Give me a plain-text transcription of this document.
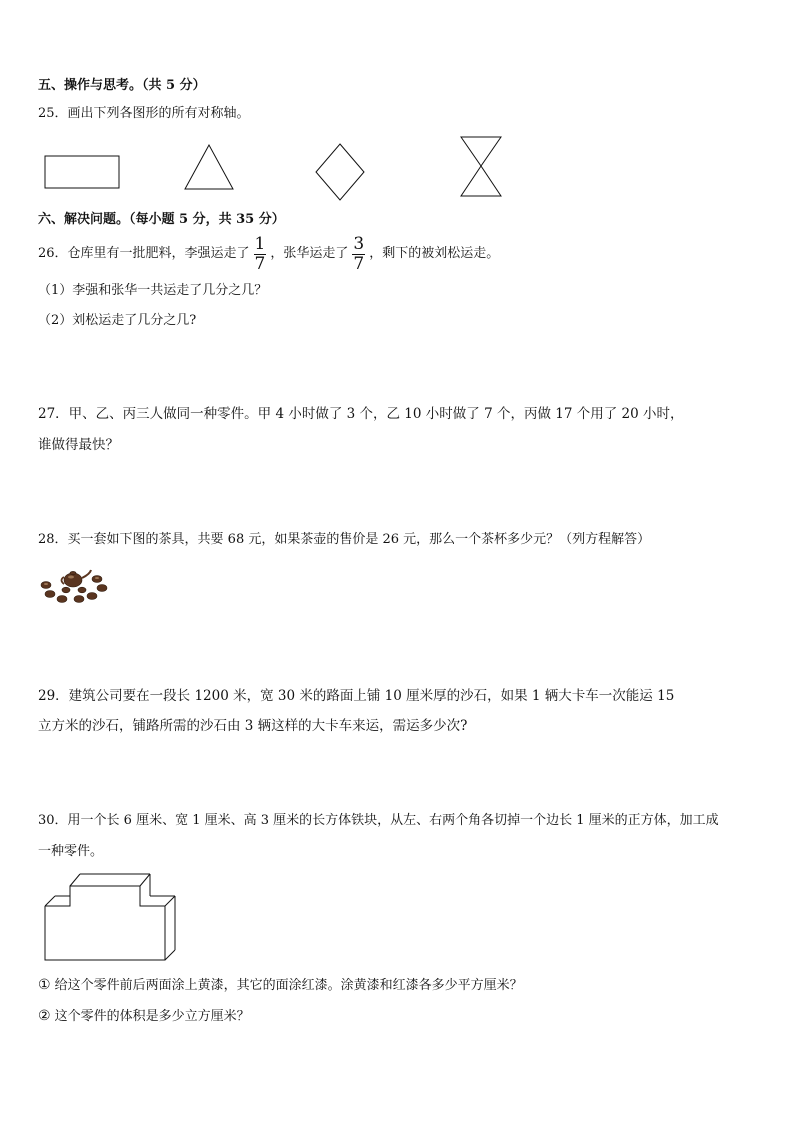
五、操作与思考。（共 5 分）
25．画出下列各图形的所有对称轴。
六、解决问题。（每小题 5 分，共 35 分）
26．仓库里有一批肥料，李强运走了 $\frac{1}{7}$ ，张华运走了 $\frac{3}{7}$ ，剩下的被刘松运走。
（1）李强和张华一共运走了几分之几？
（2）刘松运走了几分之几?
27．甲、乙、丙三人做同一种零件。甲 4 小时做了 3 个，乙 10 小时做了 7 个，丙做 17 个用了 20 小时，
谁做得最快？
28．买一套如下图的茶具，共要 68 元，如果茶壶的售价是 26 元，那么一个茶杯多少元？（列方程解答）
29．建筑公司要在一段长 1200 米，宽 30 米的路面上铺 10 厘米厚的沙石，如果 1 辆大卡车一次能运 15
立方米的沙石，铺路所需的沙石由 3 辆这样的大卡车来运，需运多少次?
30．用一个长 6 厘米、宽 1 厘米、高 3 厘米的长方体铁块，从左、右两个角各切掉一个边长 1 厘米的正方体，加工成
一种零件。
① 给这个零件前后两面涂上黄漆，其它的面涂红漆。涂黄漆和红漆各多少平方厘米？
② 这个零件的体积是多少立方厘米？
